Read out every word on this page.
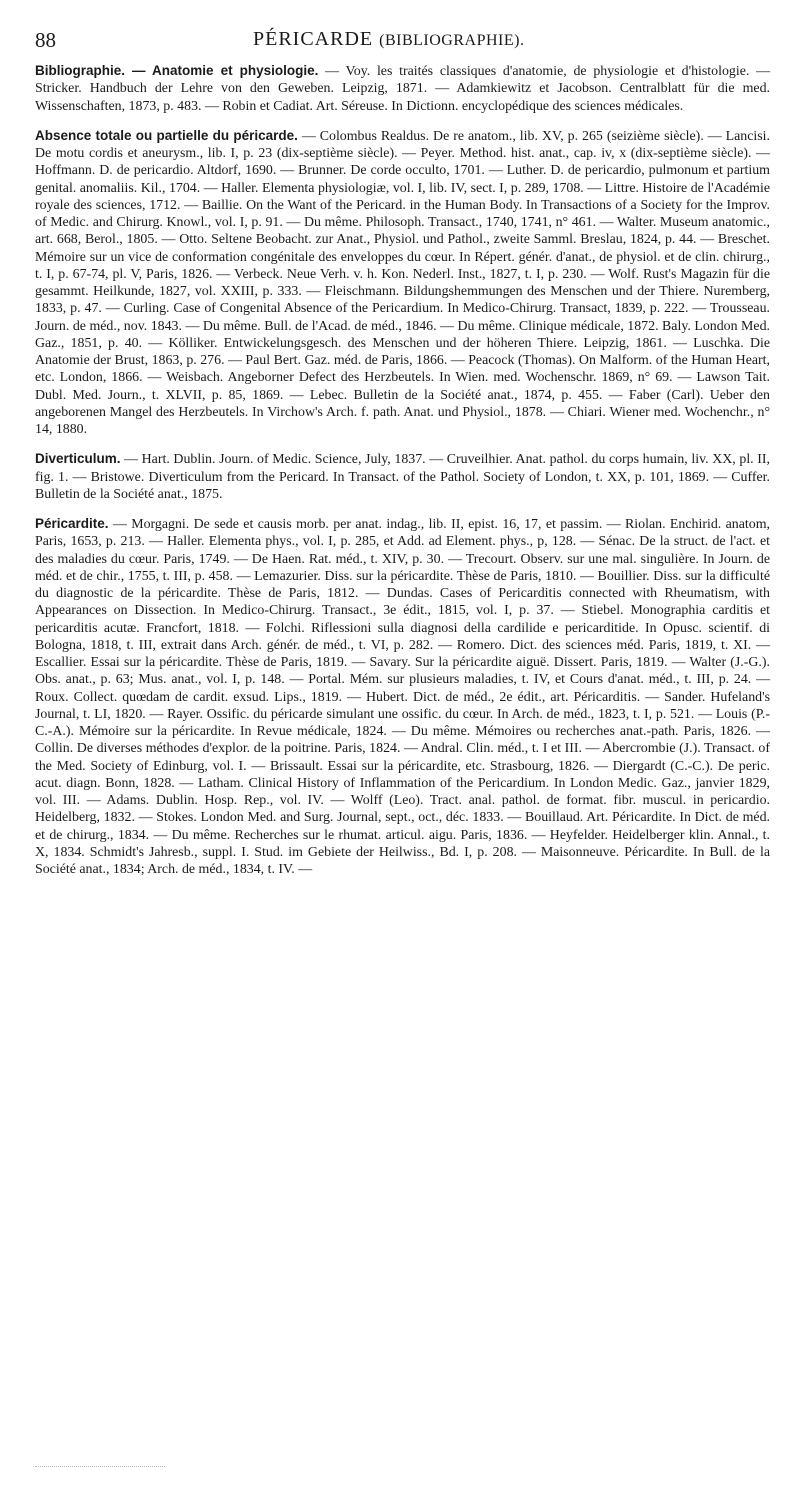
88	PÉRICARDE (BIBLIOGRAPHIE).

Bibliographie. — Anatomie et physiologie. — Voy. les traités classiques d'anatomie, de physiologie et d'histologie. — Stricker. Handbuch der Lehre von den Geweben. Leipzig, 1871. — Adamkiewitz et Jacobson. Centralblatt für die med. Wissenschaften, 1873, p. 483. — Robin et Cadiat. Art. Séreuse. In Dictionn. encyclopédique des sciences médicales.

Absence totale ou partielle du péricarde. — Colombus Realdus. De re anatom., lib. XV, p. 265 (seizième siècle). — Lancisi. De motu cordis et aneurysm., lib. I, p. 23 (dix-septième siècle). — Peyer. Method. hist. anat., cap. iv, x (dix-septième siècle). — Hoffmann. D. de pericardio. Altdorf, 1690. — Brunner. De corde occulto, 1701. — Luther. D. de pericardio, pulmonum et partium genital. anomaliis. Kil., 1704. — Haller. Elementa physiologiæ, vol. I, lib. IV, sect. I, p. 289, 1708. — Littre. Histoire de l'Académie royale des sciences, 1712. — Baillie. On the Want of the Pericard. in the Human Body. In Transactions of a Society for the Improv. of Medic. and Chirurg. Knowl., vol. I, p. 91. — Du même. Philosoph. Transact., 1740, 1741, n° 461. — Walter. Museum anatomic., art. 668, Berol., 1805. — Otto. Seltene Beobacht. zur Anat., Physiol. und Pathol., zweite Samml. Breslau, 1824, p. 44. — Breschet. Mémoire sur un vice de conformation congénitale des enveloppes du cœur. In Répert. génér. d'anat., de physiol. et de clin. chirurg., t. I, p. 67-74, pl. V, Paris, 1826. — Verbeck. Neue Verh. v. h. Kon. Nederl. Inst., 1827, t. I, p. 230. — Wolf. Rust's Magazin für die gesammt. Heilkunde, 1827, vol. XXIII, p. 333. — Fleischmann. Bildungshemmungen des Menschen und der Thiere. Nuremberg, 1833, p. 47. — Curling. Case of Congenital Absence of the Pericardium. In Medico-Chirurg. Transact, 1839, p. 222. — Trousseau. Journ. de méd., nov. 1843. — Du même. Bull. de l'Acad. de méd., 1846. — Du même. Clinique médicale, 1872. Baly. London Med. Gaz., 1851, p. 40. — Kölliker. Entwickelungsgesch. des Menschen und der höheren Thiere. Leipzig, 1861. — Luschka. Die Anatomie der Brust, 1863, p. 276. — Paul Bert. Gaz. méd. de Paris, 1866. — Peacock (Thomas). On Malform. of the Human Heart, etc. London, 1866. — Weisbach. Angeborner Defect des Herzbeutels. In Wien. med. Wochenschr. 1869, n° 69. — Lawson Tait. Dubl. Med. Journ., t. XLVII, p. 85, 1869. — Lebec. Bulletin de la Société anat., 1874, p. 455. — Faber (Carl). Ueber den angeborenen Mangel des Herzbeutels. In Virchow's Arch. f. path. Anat. und Physiol., 1878. — Chiari. Wiener med. Wochenchr., n° 14, 1880.

Diverticulum. — Hart. Dublin. Journ. of Medic. Science, July, 1837. — Cruveilhier. Anat. pathol. du corps humain, liv. XX, pl. II, fig. 1. — Bristowe. Diverticulum from the Pericard. In Transact. of the Pathol. Society of London, t. XX, p. 101, 1869. — Cuffer. Bulletin de la Société anat., 1875.

Péricardite. — Morgagni. De sede et causis morb. per anat. indag., lib. II, epist. 16, 17, et passim. — Riolan. Enchirid. anatom, Paris, 1653, p. 213. — Haller. Elementa phys., vol. I, p. 285, et Add. ad Element. phys., p, 128. — Sénac. De la struct. de l'act. et des maladies du cœur. Paris, 1749. — De Haen. Rat. méd., t. XIV, p. 30. — Trecourt. Observ. sur une mal. singulière. In Journ. de méd. et de chir., 1755, t. III, p. 458. — Lemazurier. Diss. sur la péricardite. Thèse de Paris, 1810. — Bouillier. Diss. sur la difficulté du diagnostic de la péricardite. Thèse de Paris, 1812. — Dundas. Cases of Pericarditis connected with Rheumatism, with Appearances on Dissection. In Medico-Chirurg. Transact., 3e édit., 1815, vol. I, p. 37. — Stiebel. Monographia carditis et pericarditis acutæ. Francfort, 1818. — Folchi. Riflessioni sulla diagnosi della cardilide e pericarditide. In Opusc. scientif. di Bologna, 1818, t. III, extrait dans Arch. génér. de méd., t. VI, p. 282. — Romero. Dict. des sciences méd. Paris, 1819, t. XI. — Escallier. Essai sur la péricardite. Thèse de Paris, 1819. — Savary. Sur la péricardite aiguë. Dissert. Paris, 1819. — Walter (J.-G.). Obs. anat., p. 63; Mus. anat., vol. I, p. 148. — Portal. Mém. sur plusieurs maladies, t. IV, et Cours d'anat. méd., t. III, p. 24. — Roux. Collect. quœdam de cardit. exsud. Lips., 1819. — Hubert. Dict. de méd., 2e édit., art. Péricarditis. — Sander. Hufeland's Journal, t. LI, 1820. — Rayer. Ossific. du péricarde simulant une ossific. du cœur. In Arch. de méd., 1823, t. I, p. 521. — Louis (P.-C.-A.). Mémoire sur la péricardite. In Revue médicale, 1824. — Du même. Mémoires ou recherches anat.-path. Paris, 1826. — Collin. De diverses méthodes d'explor. de la poitrine. Paris, 1824. — Andral. Clin. méd., t. I et III. — Abercrombie (J.). Transact. of the Med. Society of Edinburg, vol. I. — Brissault. Essai sur la péricardite, etc. Strasbourg, 1826. — Diergardt (C.-C.). De peric. acut. diagn. Bonn, 1828. — Latham. Clinical History of Inflammation of the Pericardium. In London Medic. Gaz., janvier 1829, vol. III. — Adams. Dublin. Hosp. Rep., vol. IV. — Wolff (Leo). Tract. anal. pathol. de format. fibr. muscul. in pericardio. Heidelberg, 1832. — Stokes. London Med. and Surg. Journal, sept., oct., déc. 1833. — Bouillaud. Art. Péricardite. In Dict. de méd. et de chirurg., 1834. — Du même. Recherches sur le rhumat. articul. aigu. Paris, 1836. — Heyfelder. Heidelberger klin. Annal., t. X, 1834. Schmidt's Jahresb., suppl. I. Stud. im Gebiete der Heilwiss., Bd. I, p. 208. — Maisonneuve. Péricardite. In Bull. de la Société anat., 1834; Arch. de méd., 1834, t. IV. —
